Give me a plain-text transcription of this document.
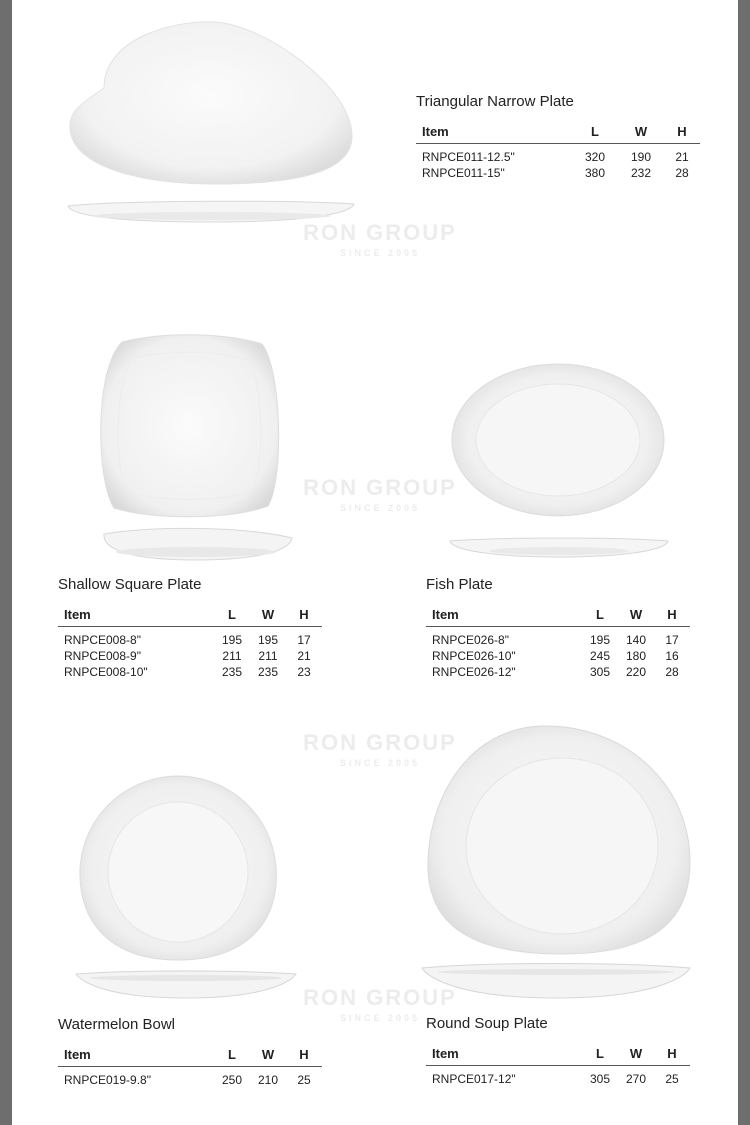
RON GROUP
SINCE 2005
RON GROUP
SINCE 2005
RON GROUP
SINCE 2005
RON GROUP
SINCE 2005
Triangular Narrow Plate
Item	L	W	H
RNPCE011-12.5"	320	190	21
RNPCE011-15"	380	232	28
Shallow Square Plate
Item	L	W	H
RNPCE008-8"	195	195	17
RNPCE008-9"	211	211	21
RNPCE008-10"	235	235	23
Fish Plate
Item	L	W	H
RNPCE026-8"	195	140	17
RNPCE026-10"	245	180	16
RNPCE026-12"	305	220	28
Watermelon Bowl
Item	L	W	H
RNPCE019-9.8"	250	210	25
Round Soup Plate
Item	L	W	H
RNPCE017-12"	305	270	25
